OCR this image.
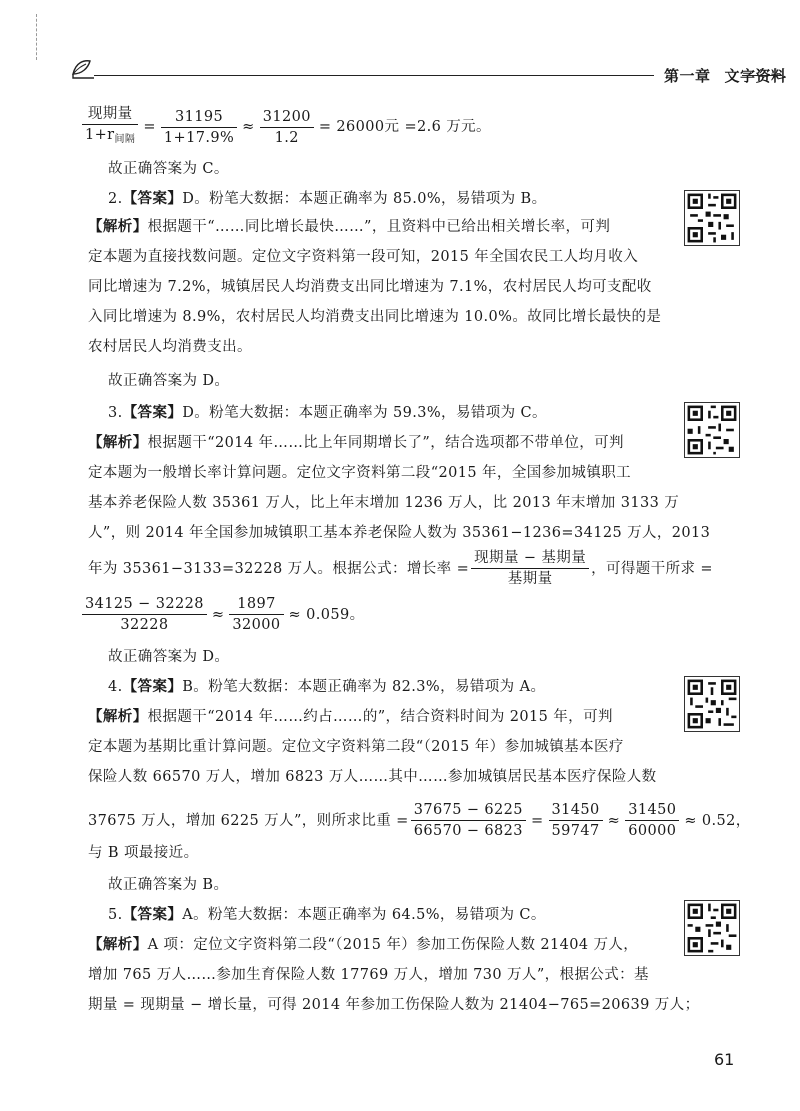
第一章 文字资料
$\frac{\text{现期量}}{1+r_{间隔}} = \frac{31195}{1+17.9\%} \approx \frac{31200}{1.2} = 26000$元 =2.6 万元。
故正确答案为 C。
2.【答案】D。粉笔大数据：本题正确率为 85.0%，易错项为 B。
【解析】根据题干“……同比增长最快……”，且资料中已给出相关增长率，可判
定本题为直接找数问题。定位文字资料第一段可知，2015 年全国农民工人均月收入
同比增速为 7.2%，城镇居民人均消费支出同比增速为 7.1%，农村居民人均可支配收
入同比增速为 8.9%，农村居民人均消费支出同比增速为 10.0%。故同比增长最快的是
农村居民人均消费支出。
故正确答案为 D。
3.【答案】D。粉笔大数据：本题正确率为 59.3%，易错项为 C。
【解析】根据题干“2014 年……比上年同期增长了”，结合选项都不带单位，可判
定本题为一般增长率计算问题。定位文字资料第二段“2015 年，全国参加城镇职工
基本养老保险人数 35361 万人，比上年末增加 1236 万人，比 2013 年末增加 3133 万
人”，则 2014 年全国参加城镇职工基本养老保险人数为 35361−1236=34125 万人，2013
年为 35361−3133=32228 万人。根据公式：增长率 = $\frac{\text{现期量 − 基期量}}{\text{基期量}}$ ，可得题干所求 =
$\frac{34125 - 32228}{32228} \approx \frac{1897}{32000} \approx 0.059$。
故正确答案为 D。
4.【答案】B。粉笔大数据：本题正确率为 82.3%，易错项为 A。
【解析】根据题干“2014 年……约占……的”，结合资料时间为 2015 年，可判
定本题为基期比重计算问题。定位文字资料第二段“（2015 年）参加城镇基本医疗
保险人数 66570 万人，增加 6823 万人……其中……参加城镇居民基本医疗保险人数
37675 万人，增加 6225 万人”，则所求比重 = $\frac{37675 - 6225}{66570 - 6823} = \frac{31450}{59747} \approx \frac{31450}{60000} \approx 0.52$，
与 B 项最接近。
故正确答案为 B。
5.【答案】A。粉笔大数据：本题正确率为 64.5%，易错项为 C。
【解析】A 项：定位文字资料第二段“（2015 年）参加工伤保险人数 21404 万人，
增加 765 万人……参加生育保险人数 17769 万人，增加 730 万人”，根据公式：基
期量 = 现期量 − 增长量，可得 2014 年参加工伤保险人数为 21404−765=20639 万人；
61
